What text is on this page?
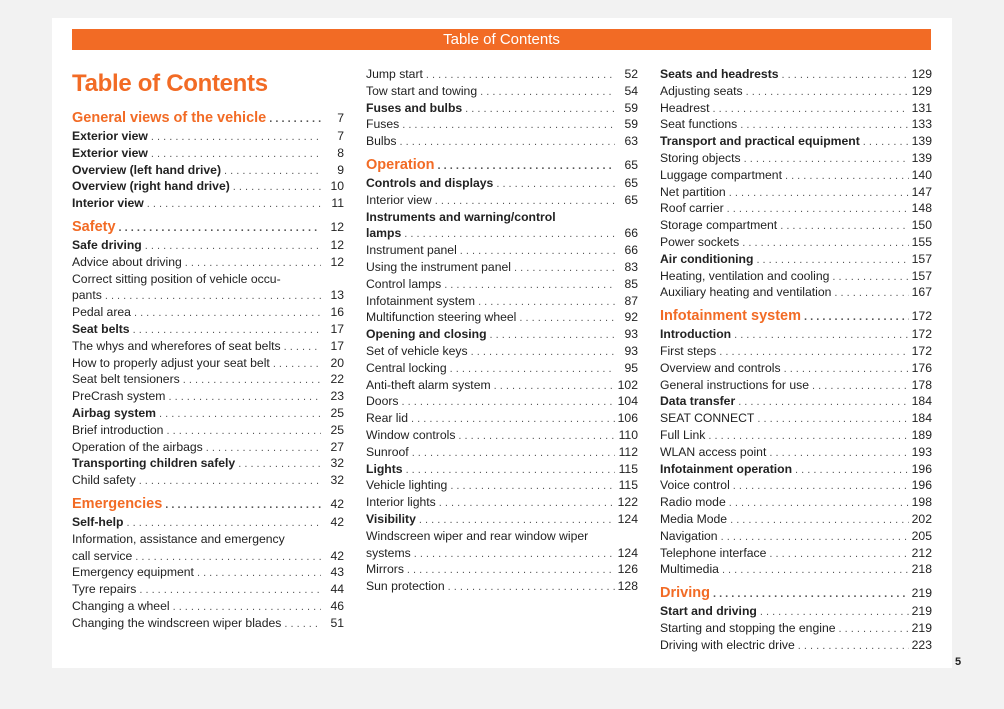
Table of Contents
Table of Contents
General views of the vehicle . . .	7
Exterior view . . .	7
Exterior view . . .	8
Overview (left hand drive) . . .	9
Overview (right hand drive) . . .	10
Interior view . . .	11
Safety . . .	12
Safe driving . . .	12
Advice about driving . . .	12
Correct sitting position of vehicle occu-
pants . . .	13
Pedal area . . .	16
Seat belts . . .	17
The whys and wherefores of seat belts . . .	17
How to properly adjust your seat belt . . .	20
Seat belt tensioners . . .	22
PreCrash system . . .	23
Airbag system . . .	25
Brief introduction . . .	25
Operation of the airbags . . .	27
Transporting children safely . . .	32
Child safety . . .	32
Emergencies . . .	42
Self-help . . .	42
Information, assistance and emergency
call service . . .	42
Emergency equipment . . .	43
Tyre repairs . . .	44
Changing a wheel . . .	46
Changing the windscreen wiper blades . . .	51
Jump start . . .	52
Tow start and towing . . .	54
Fuses and bulbs . . .	59
Fuses . . .	59
Bulbs . . .	63
Operation . . .	65
Controls and displays . . .	65
Interior view . . .	65
Instruments and warning/control
lamps . . .	66
Instrument panel . . .	66
Using the instrument panel . . .	83
Control lamps . . .	85
Infotainment system . . .	87
Multifunction steering wheel . . .	92
Opening and closing . . .	93
Set of vehicle keys . . .	93
Central locking . . .	95
Anti-theft alarm system . . .	102
Doors . . .	104
Rear lid . . .	106
Window controls . . .	110
Sunroof . . .	112
Lights . . .	115
Vehicle lighting . . .	115
Interior lights . . .	122
Visibility . . .	124
Windscreen wiper and rear window wiper
systems . . .	124
Mirrors . . .	126
Sun protection . . .	128
Seats and headrests . . .	129
Adjusting seats . . .	129
Headrest . . .	131
Seat functions . . .	133
Transport and practical equipment . . .	139
Storing objects . . .	139
Luggage compartment . . .	140
Net partition . . .	147
Roof carrier . . .	148
Storage compartment . . .	150
Power sockets . . .	155
Air conditioning . . .	157
Heating, ventilation and cooling . . .	157
Auxiliary heating and ventilation . . .	167
Infotainment system . . .	172
Introduction . . .	172
First steps . . .	172
Overview and controls . . .	176
General instructions for use . . .	178
Data transfer . . .	184
SEAT CONNECT . . .	184
Full Link . . .	189
WLAN access point . . .	193
Infotainment operation . . .	196
Voice control . . .	196
Radio mode . . .	198
Media Mode . . .	202
Navigation . . .	205
Telephone interface . . .	212
Multimedia . . .	218
Driving . . .	219
Start and driving . . .	219
Starting and stopping the engine . . .	219
Driving with electric drive . . .	223
5
